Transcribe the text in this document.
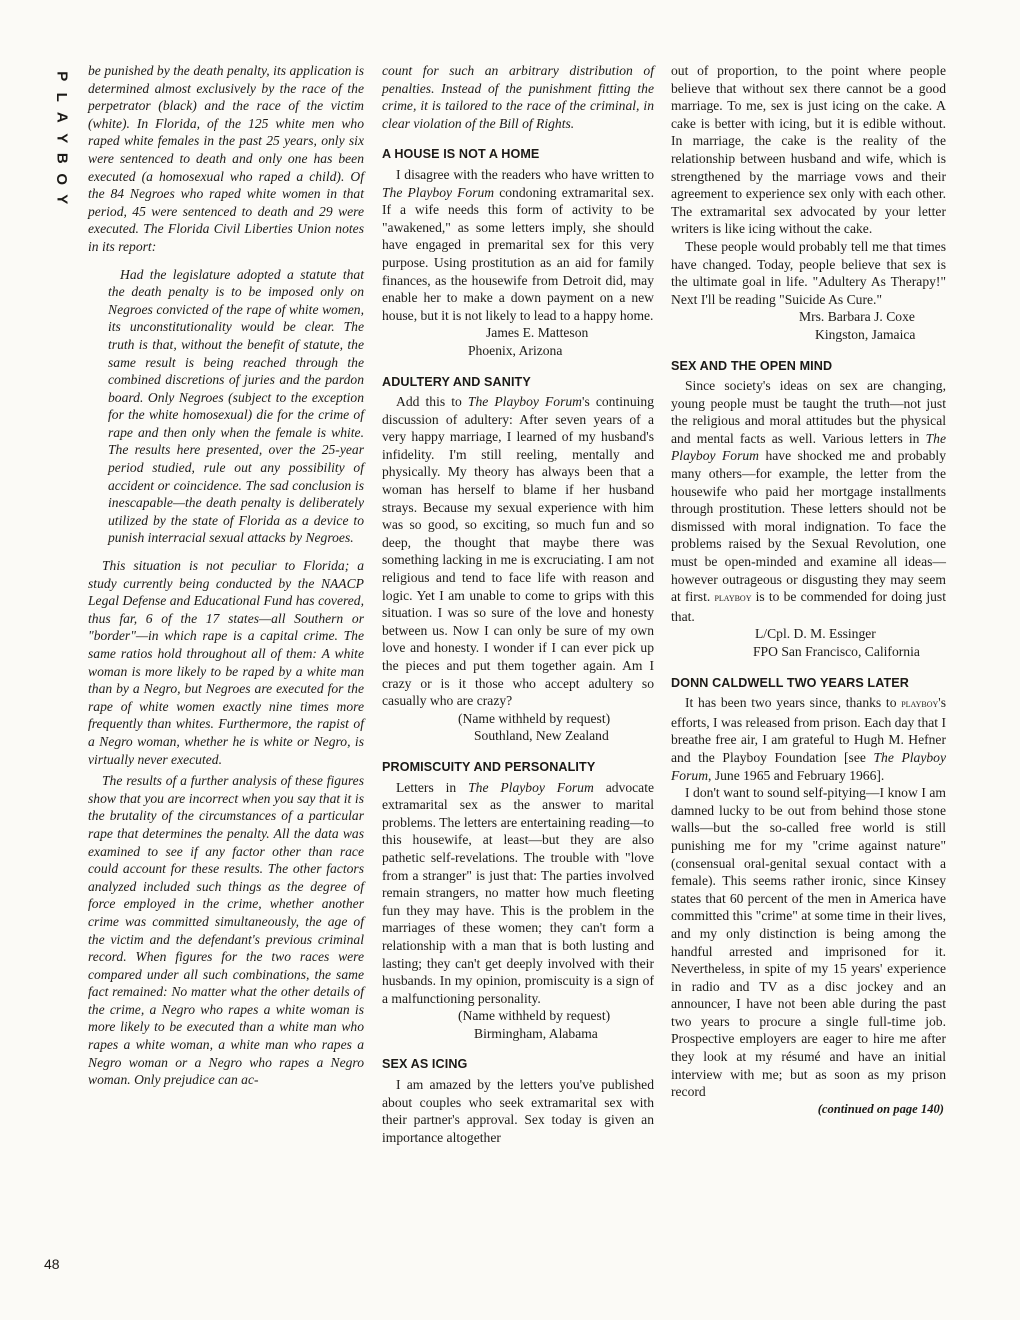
P
L
A
Y
B
O
Y
48

be punished by the death penalty, its application is determined almost exclusively by the race of the perpetrator (black) and the race of the victim (white). In Florida, of the 125 white men who raped white females in the past 25 years, only six were sentenced to death and only one has been executed (a homosexual who raped a child). Of the 84 Negroes who raped white women in that period, 45 were sentenced to death and 29 were executed. The Florida Civil Liberties Union notes in its report:

Had the legislature adopted a statute that the death penalty is to be imposed only on Negroes convicted of the rape of white women, its unconstitutionality would be clear. The truth is that, without the benefit of statute, the same result is being reached through the combined discretions of juries and the pardon board. Only Negroes (subject to the exception for the white homosexual) die for the crime of rape and then only when the female is white. The results here presented, over the 25-year period studied, rule out any possibility of accident or coincidence. The sad conclusion is inescapable—the death penalty is deliberately utilized by the state of Florida as a device to punish interracial sexual attacks by Negroes.

This situation is not peculiar to Florida; a study currently being conducted by the NAACP Legal Defense and Educational Fund has covered, thus far, 6 of the 17 states—all Southern or "border"—in which rape is a capital crime. The same ratios hold throughout all of them: A white woman is more likely to be raped by a white man than by a Negro, but Negroes are executed for the rape of white women exactly nine times more frequently than whites. Furthermore, the rapist of a Negro woman, whether he is white or Negro, is virtually never executed.

The results of a further analysis of these figures show that you are incorrect when you say that it is the brutality of the circumstances of a particular rape that determines the penalty. All the data was examined to see if any factor other than race could account for these results. The other factors analyzed included such things as the degree of force employed in the crime, whether another crime was committed simultaneously, the age of the victim and the defendant's previous criminal record. When figures for the two races were compared under all such combinations, the same fact remained: No matter what the other details of the crime, a Negro who rapes a white woman is more likely to be executed than a white man who rapes a white woman, a white man who rapes a Negro woman or a Negro who rapes a Negro woman. Only prejudice can ac-

count for such an arbitrary distribution of penalties. Instead of the punishment fitting the crime, it is tailored to the race of the criminal, in clear violation of the Bill of Rights.

A HOUSE IS NOT A HOME

I disagree with the readers who have written to The Playboy Forum condoning extramarital sex. If a wife needs this form of activity to be "awakened," as some letters imply, she should have engaged in premarital sex for this very purpose. Using prostitution as an aid for family finances, as the housewife from Detroit did, may enable her to make a down payment on a new house, but it is not likely to lead to a happy home.

James E. Matteson

Phoenix, Arizona

ADULTERY AND SANITY

Add this to The Playboy Forum's continuing discussion of adultery: After seven years of a very happy marriage, I learned of my husband's infidelity. I'm still reeling, mentally and physically. My theory has always been that a woman has herself to blame if her husband strays. Because my sexual experience with him was so good, so exciting, so much fun and so deep, the thought that maybe there was something lacking in me is excruciating. I am not religious and tend to face life with reason and logic. Yet I am unable to come to grips with this situation. I was so sure of the love and honesty between us. Now I can only be sure of my own love and honesty. I wonder if I can ever pick up the pieces and put them together again. Am I crazy or is it those who accept adultery so casually who are crazy?

(Name withheld by request)

Southland, New Zealand

PROMISCUITY AND PERSONALITY

Letters in The Playboy Forum advocate extramarital sex as the answer to marital problems. The letters are entertaining reading—to this housewife, at least—but they are also pathetic self-revelations. The trouble with "love from a stranger" is just that: The parties involved remain strangers, no matter how much fleeting fun they may have. This is the problem in the marriages of these women; they can't form a relationship with a man that is both lusting and lasting; they can't get deeply involved with their husbands. In my opinion, promiscuity is a sign of a malfunctioning personality.

(Name withheld by request)

Birmingham, Alabama

SEX AS ICING

I am amazed by the letters you've published about couples who seek extramarital sex with their partner's approval. Sex today is given an importance altogether

out of proportion, to the point where people believe that without sex there cannot be a good marriage. To me, sex is just icing on the cake. A cake is better with icing, but it is edible without. In marriage, the cake is the reality of the relationship between husband and wife, which is strengthened by the marriage vows and their agreement to experience sex only with each other. The extramarital sex advocated by your letter writers is like icing without the cake.

These people would probably tell me that times have changed. Today, people believe that sex is the ultimate goal in life. "Adultery As Therapy!" Next I'll be reading "Suicide As Cure."

Mrs. Barbara J. Coxe

Kingston, Jamaica

SEX AND THE OPEN MIND

Since society's ideas on sex are changing, young people must be taught the truth—not just the religious and moral attitudes but the physical and mental facts as well. Various letters in The Playboy Forum have shocked me and probably many others—for example, the letter from the housewife who paid her mortgage installments through prostitution. These letters should not be dismissed with moral indignation. To face the problems raised by the Sexual Revolution, one must be open-minded and examine all ideas—however outrageous or disgusting they may seem at first. playboy is to be commended for doing just that.

L/Cpl. D. M. Essinger

FPO San Francisco, California

DONN CALDWELL TWO YEARS LATER

It has been two years since, thanks to playboy's efforts, I was released from prison. Each day that I breathe free air, I am grateful to Hugh M. Hefner and the Playboy Foundation [see The Playboy Forum, June 1965 and February 1966].

I don't want to sound self-pitying—I know I am damned lucky to be out from behind those stone walls—but the so-called free world is still punishing me for my "crime against nature" (consensual oral-genital sexual contact with a female). This seems rather ironic, since Kinsey states that 60 percent of the men in America have committed this "crime" at some time in their lives, and my only distinction is being among the handful arrested and imprisoned for it. Nevertheless, in spite of my 15 years' experience in radio and TV as a disc jockey and an announcer, I have not been able during the past two years to procure a single full-time job. Prospective employers are eager to hire me after they look at my résumé and have an initial interview with me; but as soon as my prison record

(continued on page 140)
